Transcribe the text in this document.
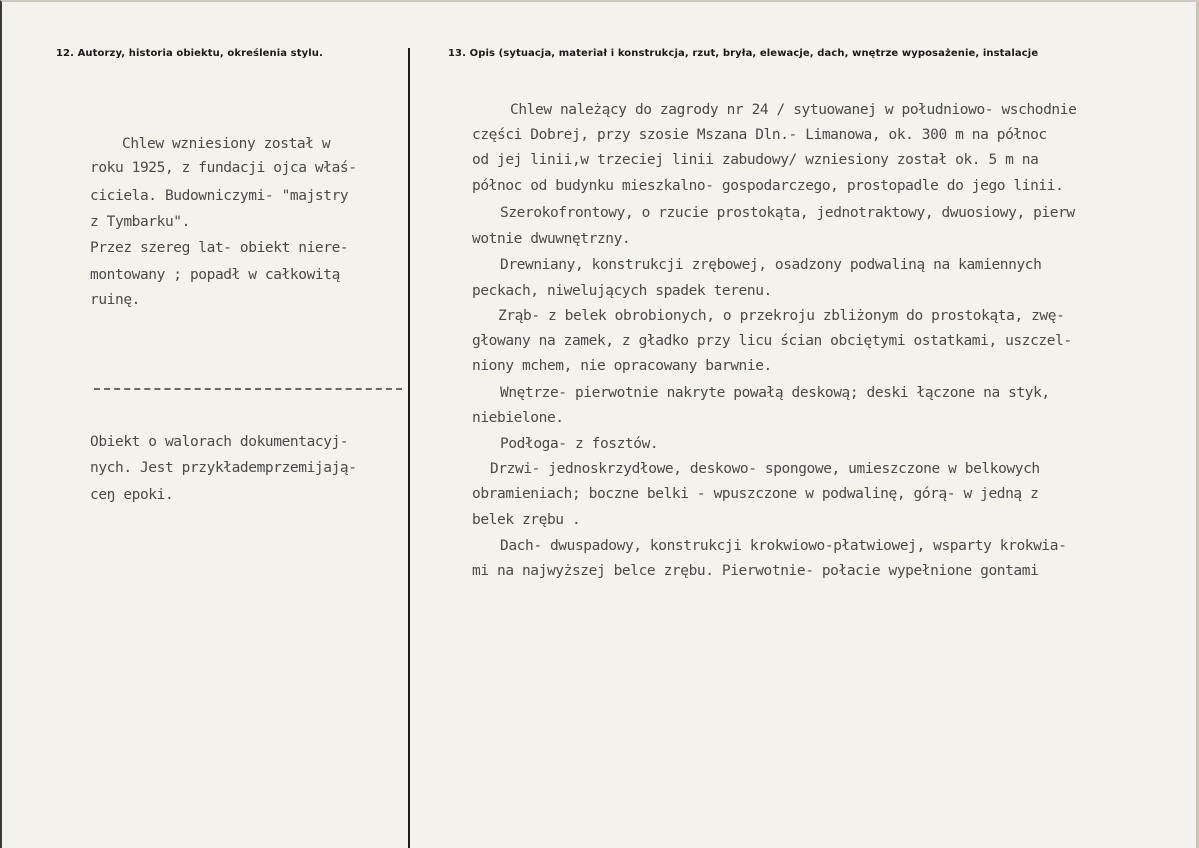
12. Autorzy, historia obiektu, określenia stylu.	13. Opis (sytuacja, materiał i konstrukcja, rzut, bryła, elewacje, dach, wnętrze wyposażenie, instalacje
Chlew wzniesiony został w
roku 1925, z fundacji ojca właś-
ciciela. Budowniczymi- "majstry
z Tymbarku".
Przez szereg lat- obiekt niere-
montowany ; popadł w całkowitą
ruinę.
Obiekt o walorach dokumentacyj-
nych. Jest przykłademprzemijają-
ceŋ epoki.
Chlew należący do zagrody nr 24 / sytuowanej w południowo- wschodnie
części Dobrej, przy szosie Mszana Dln.- Limanowa, ok. 300 m na północ
od jej linii,w trzeciej linii zabudowy/ wzniesiony został ok. 5 m na
północ od budynku mieszkalno- gospodarczego, prostopadle do jego linii.
Szerokofrontowy, o rzucie prostokąta, jednotraktowy, dwuosiowy, pierw
wotnie dwuwnętrzny.
Drewniany, konstrukcji zrębowej, osadzony podwaliną na kamiennych
peckach, niwelujących spadek terenu.
Zrąb- z belek obrobionych, o przekroju zbliżonym do prostokąta, zwę-
głowany na zamek, z gładko przy licu ścian obciętymi ostatkami, uszczel-
niony mchem, nie opracowany barwnie.
Wnętrze- pierwotnie nakryte powałą deskową; deski łączone na styk,
niebielone.
Podłoga- z fosztów.
Drzwi- jednoskrzydłowe, deskowo- spongowe, umieszczone w belkowych
obramieniach; boczne belki - wpuszczone w podwalinę, górą- w jedną z
belek zrębu .
Dach- dwuspadowy, konstrukcji krokwiowo-płatwiowej, wsparty krokwia-
mi na najwyższej belce zrębu. Pierwotnie- połacie wypełnione gontami
